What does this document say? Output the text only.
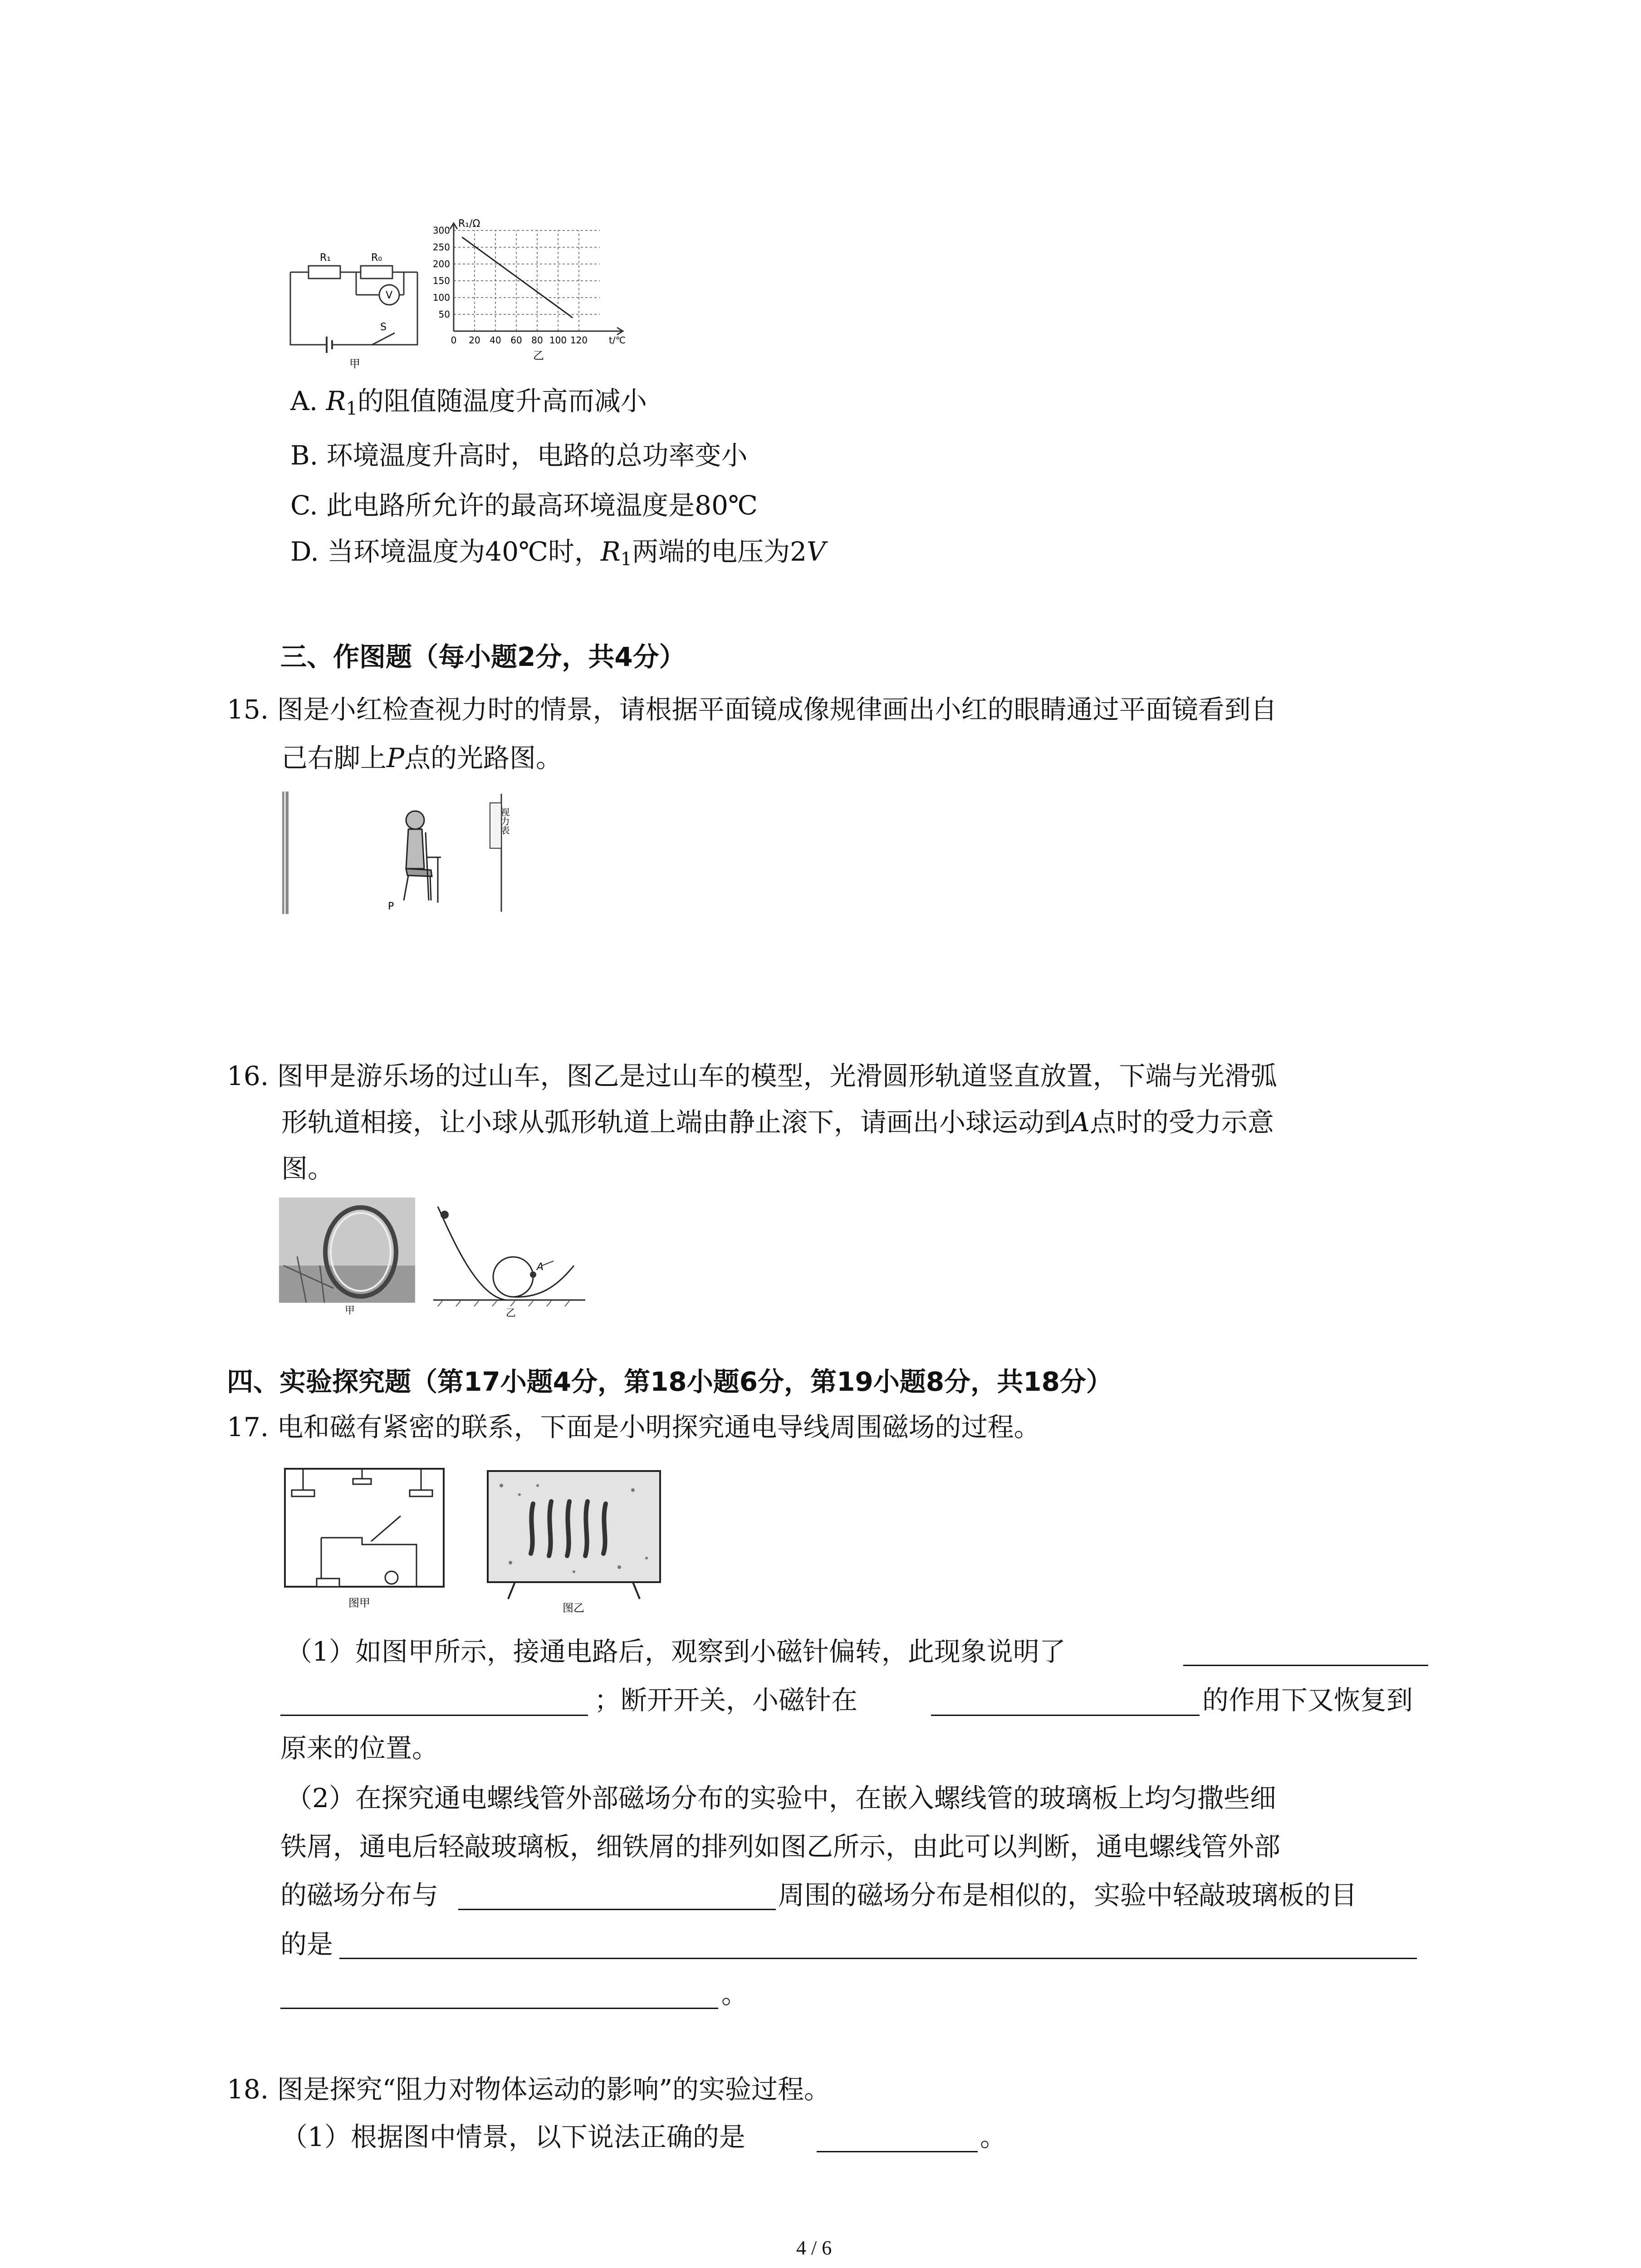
R₁	R₀
V
S
甲
R₁/Ω
t/℃
50
100
150
200
250
300
0 20 40 60 80 100 120
乙
A. $R_1$的阻值随温度升高而减小
B. 环境温度升高时，电路的总功率变小
C. 此电路所允许的最高环境温度是80℃
D. 当环境温度为40℃时，$R_1$两端的电压为2V
三、作图题（每小题2分，共4分）
15. 图是小红检查视力时的情景，请根据平面镜成像规律画出小红的眼睛通过平面镜看到自
己右脚上P点的光路图。
视力表
P
16. 图甲是游乐场的过山车，图乙是过山车的模型，光滑圆形轨道竖直放置，下端与光滑弧
形轨道相接，让小球从弧形轨道上端由静止滚下，请画出小球运动到A点时的受力示意
图。
甲
A
乙
四、实验探究题（第17小题4分，第18小题6分，第19小题8分，共18分）
17. 电和磁有紧密的联系，下面是小明探究通电导线周围磁场的过程。
图甲	图乙
（1）如图甲所示，接通电路后，观察到小磁针偏转，此现象说明了
；断开开关，小磁针在	的作用下又恢复到
原来的位置。
（2）在探究通电螺线管外部磁场分布的实验中，在嵌入螺线管的玻璃板上均匀撒些细
铁屑，通电后轻敲玻璃板，细铁屑的排列如图乙所示，由此可以判断，通电螺线管外部
的磁场分布与	周围的磁场分布是相似的，实验中轻敲玻璃板的目
的是
。
18. 图是探究“阻力对物体运动的影响”的实验过程。
（1）根据图中情景，以下说法正确的是	。
4 / 6
